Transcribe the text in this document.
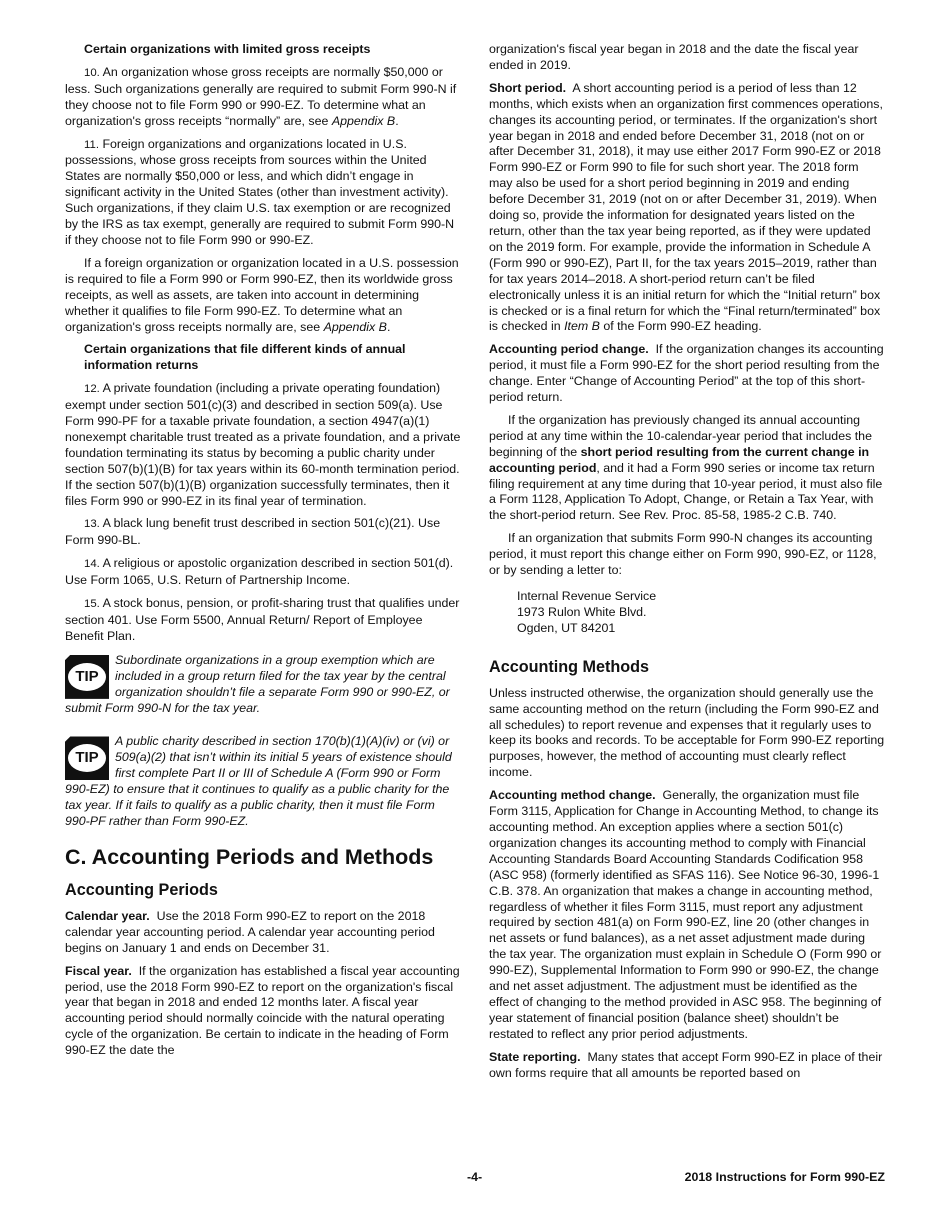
Certain organizations with limited gross receipts

10. An organization whose gross receipts are normally $50,000 or less. Such organizations generally are required to submit Form 990-N if they choose not to file Form 990 or 990-EZ. To determine what an organization's gross receipts “normally” are, see Appendix B.

11. Foreign organizations and organizations located in U.S. possessions, whose gross receipts from sources within the United States are normally $50,000 or less, and which didn’t engage in significant activity in the United States (other than investment activity). Such organizations, if they claim U.S. tax exemption or are recognized by the IRS as tax exempt, generally are required to submit Form 990-N if they choose not to file Form 990 or 990-EZ.

If a foreign organization or organization located in a U.S. possession is required to file a Form 990 or Form 990-EZ, then its worldwide gross receipts, as well as assets, are taken into account in determining whether it qualifies to file Form 990-EZ. To determine what an organization's gross receipts normally are, see Appendix B.

Certain organizations that file different kinds of annual information returns

12. A private foundation (including a private operating foundation) exempt under section 501(c)(3) and described in section 509(a). Use Form 990-PF for a taxable private foundation, a section 4947(a)(1) nonexempt charitable trust treated as a private foundation, and a private foundation terminating its status by becoming a public charity under section 507(b)(1)(B) for tax years within its 60-month termination period. If the section 507(b)(1)(B) organization successfully terminates, then it files Form 990 or 990-EZ in its final year of termination.

13. A black lung benefit trust described in section 501(c)(21). Use Form 990-BL.

14. A religious or apostolic organization described in section 501(d). Use Form 1065, U.S. Return of Partnership Income.

15. A stock bonus, pension, or profit-sharing trust that qualifies under section 401. Use Form 5500, Annual Return/ Report of Employee Benefit Plan.

TIP
Subordinate organizations in a group exemption which are included in a group return filed for the tax year by the central organization shouldn’t file a separate Form 990 or 990-EZ, or submit Form 990-N for the tax year.
TIP
A public charity described in section 170(b)(1)(A)(iv) or (vi) or 509(a)(2) that isn’t within its initial 5 years of existence should first complete Part II or III of Schedule A (Form 990 or Form 990-EZ) to ensure that it continues to qualify as a public charity for the tax year. If it fails to qualify as a public charity, then it must file Form 990-PF rather than Form 990-EZ.
C. Accounting Periods and Methods
Accounting Periods

Calendar year. Use the 2018 Form 990-EZ to report on the 2018 calendar year accounting period. A calendar year accounting period begins on January 1 and ends on December 31.

Fiscal year. If the organization has established a fiscal year accounting period, use the 2018 Form 990-EZ to report on the organization's fiscal year that began in 2018 and ended 12 months later. A fiscal year accounting period should normally coincide with the natural operating cycle of the organization. Be certain to indicate in the heading of Form 990-EZ the date the

organization's fiscal year began in 2018 and the date the fiscal year ended in 2019.

Short period. A short accounting period is a period of less than 12 months, which exists when an organization first commences operations, changes its accounting period, or terminates. If the organization's short year began in 2018 and ended before December 31, 2018 (not on or after December 31, 2018), it may use either 2017 Form 990-EZ or 2018 Form 990-EZ or Form 990 to file for such short year. The 2018 form may also be used for a short period beginning in 2019 and ending before December 31, 2019 (not on or after December 31, 2019). When doing so, provide the information for designated years listed on the return, other than the tax year being reported, as if they were updated on the 2019 form. For example, provide the information in Schedule A (Form 990 or 990-EZ), Part II, for the tax years 2015–2019, rather than for tax years 2014–2018. A short-period return can’t be filed electronically unless it is an initial return for which the “Initial return” box is checked or is a final return for which the “Final return/terminated” box is checked in Item B of the Form 990-EZ heading.

Accounting period change. If the organization changes its accounting period, it must file a Form 990-EZ for the short period resulting from the change. Enter “Change of Accounting Period” at the top of this short-period return.

If the organization has previously changed its annual accounting period at any time within the 10-calendar-year period that includes the beginning of the short period resulting from the current change in accounting period, and it had a Form 990 series or income tax return filing requirement at any time during that 10-year period, it must also file a Form 1128, Application To Adopt, Change, or Retain a Tax Year, with the short-period return. See Rev. Proc. 85-58, 1985-2 C.B. 740.

If an organization that submits Form 990-N changes its accounting period, it must report this change either on Form 990, 990-EZ, or 1128, or by sending a letter to:

Internal Revenue Service
1973 Rulon White Blvd.
Ogden, UT 84201
Accounting Methods

Unless instructed otherwise, the organization should generally use the same accounting method on the return (including the Form 990-EZ and all schedules) to report revenue and expenses that it regularly uses to keep its books and records. To be acceptable for Form 990-EZ reporting purposes, however, the method of accounting must clearly reflect income.

Accounting method change. Generally, the organization must file Form 3115, Application for Change in Accounting Method, to change its accounting method. An exception applies where a section 501(c) organization changes its accounting method to comply with Financial Accounting Standards Board Accounting Standards Codification 958 (ASC 958) (formerly identified as SFAS 116). See Notice 96-30, 1996-1 C.B. 378. An organization that makes a change in accounting method, regardless of whether it files Form 3115, must report any adjustment required by section 481(a) on Form 990-EZ, line 20 (other changes in net assets or fund balances), as a net asset adjustment made during the tax year. The organization must explain in Schedule O (Form 990 or 990-EZ), Supplemental Information to Form 990 or 990-EZ, the change and net asset adjustment. The adjustment must be identified as the effect of changing to the method provided in ASC 958. The beginning of year statement of financial position (balance sheet) shouldn’t be restated to reflect any prior period adjustments.

State reporting. Many states that accept Form 990-EZ in place of their own forms require that all amounts be reported based on

-4-	2018 Instructions for Form 990-EZ
